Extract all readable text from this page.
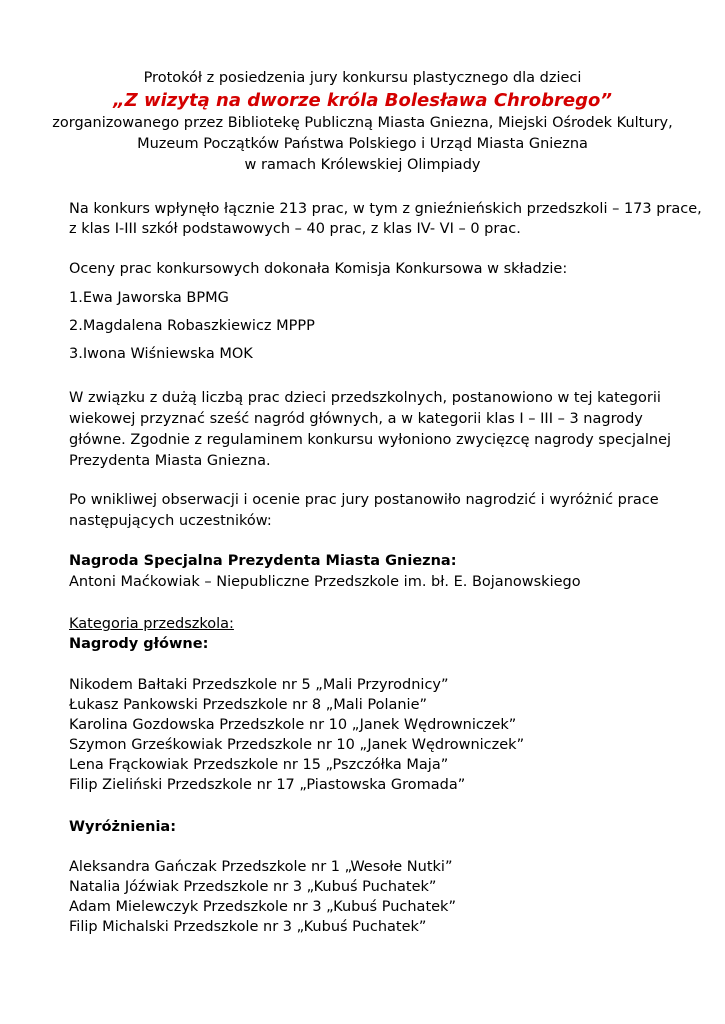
Protokół z posiedzenia jury konkursu plastycznego dla dzieci
„Z wizytą na dworze króla Bolesława Chrobrego”
zorganizowanego przez Bibliotekę Publiczną Miasta Gniezna, Miejski Ośrodek Kultury,
Muzeum Początków Państwa Polskiego i Urząd Miasta Gniezna
w ramach Królewskiej Olimpiady
Na konkurs wpłynęło łącznie 213 prac, w tym z gnieźnieńskich przedszkoli – 173 prace,
z klas I-III szkół podstawowych – 40 prac, z klas IV- VI – 0 prac.
Oceny prac konkursowych dokonała Komisja Konkursowa w składzie:
1.Ewa Jaworska BPMG
2.Magdalena Robaszkiewicz MPPP
3.Iwona Wiśniewska MOK
W związku z dużą liczbą prac dzieci przedszkolnych, postanowiono w tej kategorii
wiekowej przyznać sześć nagród głównych, a w kategorii klas I – III – 3 nagrody
główne. Zgodnie z regulaminem konkursu wyłoniono zwycięzcę nagrody specjalnej
Prezydenta Miasta Gniezna.
Po wnikliwej obserwacji i ocenie prac jury postanowiło nagrodzić i wyróżnić prace
następujących uczestników:
Nagroda Specjalna Prezydenta Miasta Gniezna:
Antoni Maćkowiak – Niepubliczne Przedszkole im. bł. E. Bojanowskiego
Kategoria przedszkola:
Nagrody główne:
Nikodem Bałtaki Przedszkole nr 5 „Mali Przyrodnicy”
Łukasz Pankowski Przedszkole nr 8 „Mali Polanie”
Karolina Gozdowska Przedszkole nr 10 „Janek Wędrowniczek”
Szymon Grześkowiak Przedszkole nr 10 „Janek Wędrowniczek”
Lena Frąckowiak Przedszkole nr 15 „Pszczółka Maja”
Filip Zieliński Przedszkole nr 17 „Piastowska Gromada”
Wyróżnienia:
Aleksandra Gańczak Przedszkole nr 1 „Wesołe Nutki”
Natalia Jóźwiak Przedszkole nr 3 „Kubuś Puchatek”
Adam Mielewczyk Przedszkole nr 3 „Kubuś Puchatek”
Filip Michalski Przedszkole nr 3 „Kubuś Puchatek”
